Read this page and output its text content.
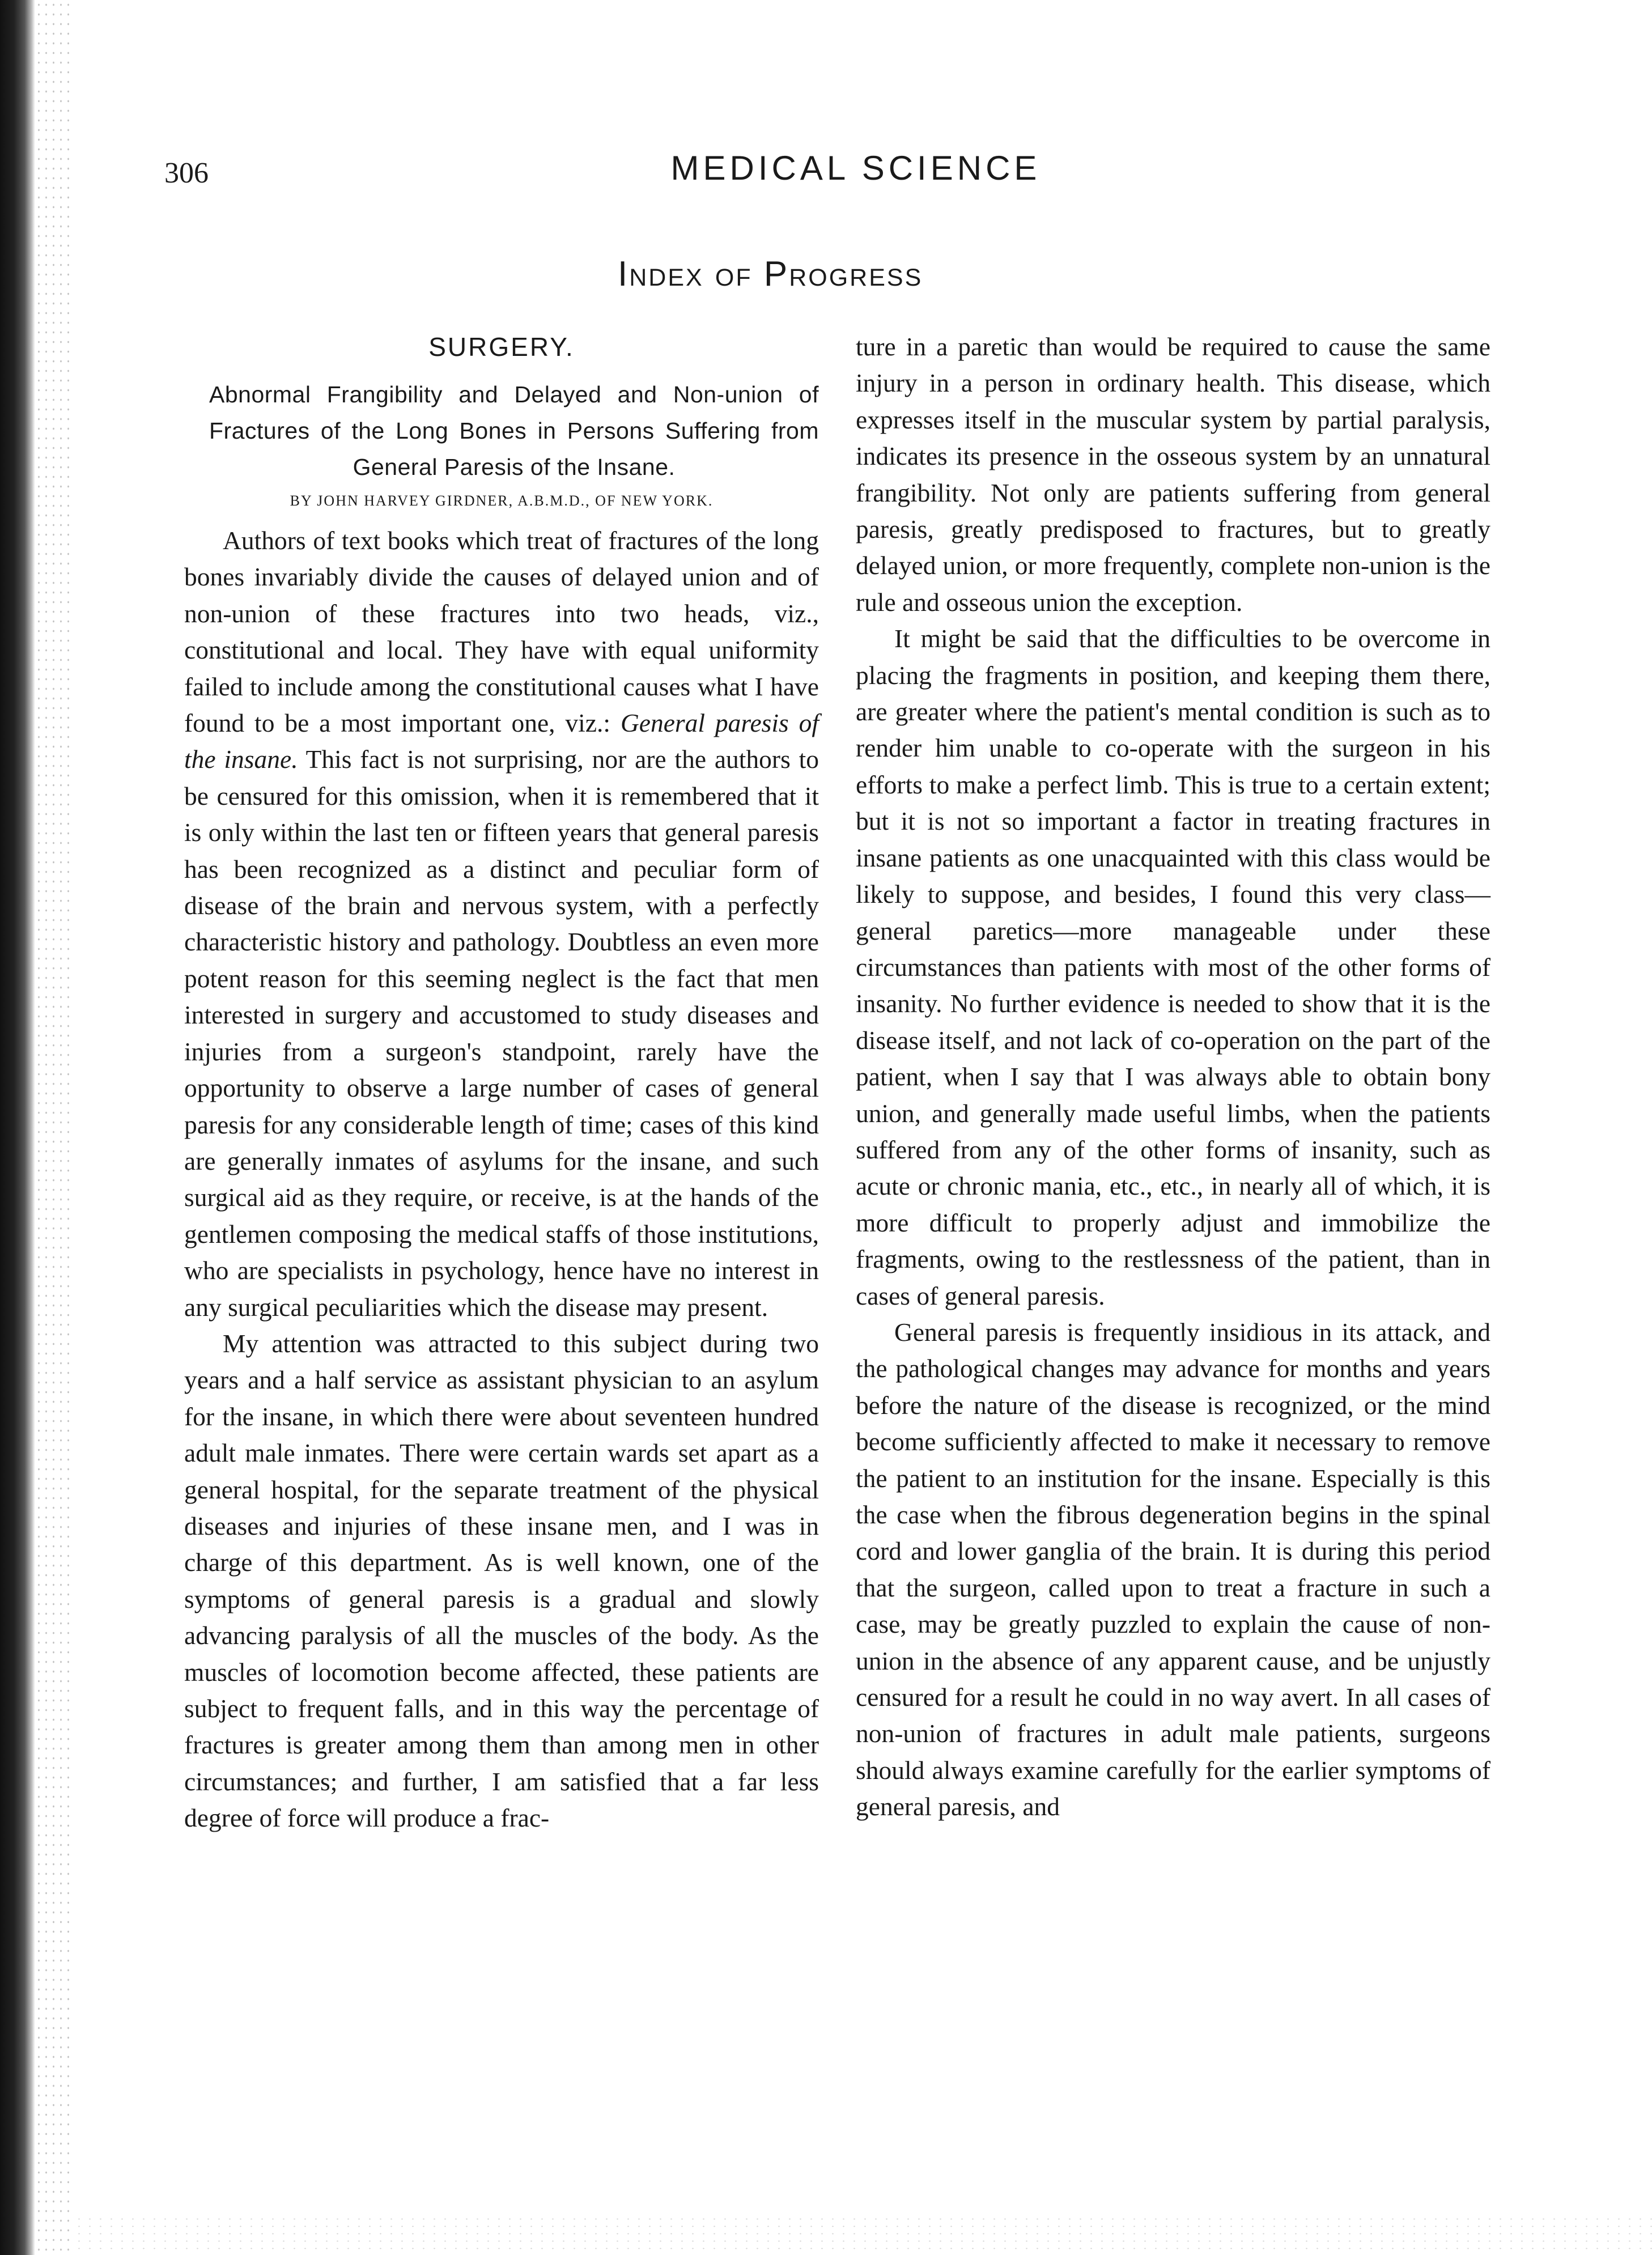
306	MEDICAL SCIENCE
Index of Progress
SURGERY.
Abnormal Frangibility and Delayed and Non-union of Fractures of the Long Bones in Persons Suffering from General Paresis of the Insane.
BY JOHN HARVEY GIRDNER, A.B.M.D., OF NEW YORK.

Authors of text books which treat of fractures of the long bones invariably divide the causes of delayed union and of non-union of these fractures into two heads, viz., constitutional and local. They have with equal uniformity failed to include among the constitutional causes what I have found to be a most important one, viz.: General paresis of the insane. This fact is not surprising, nor are the authors to be censured for this omission, when it is remembered that it is only within the last ten or fifteen years that general paresis has been recognized as a distinct and peculiar form of disease of the brain and nervous system, with a perfectly characteristic history and pathology. Doubtless an even more potent reason for this seeming neglect is the fact that men interested in surgery and accustomed to study diseases and injuries from a surgeon's standpoint, rarely have the opportunity to observe a large number of cases of general paresis for any considerable length of time; cases of this kind are generally inmates of asylums for the insane, and such surgical aid as they require, or receive, is at the hands of the gentlemen composing the medical staffs of those institutions, who are specialists in psychology, hence have no interest in any surgical peculiarities which the disease may present.

My attention was attracted to this subject during two years and a half service as assistant physician to an asylum for the insane, in which there were about seventeen hundred adult male inmates. There were certain wards set apart as a general hospital, for the separate treatment of the physical diseases and injuries of these insane men, and I was in charge of this department. As is well known, one of the symptoms of general paresis is a gradual and slowly advancing paralysis of all the muscles of the body. As the muscles of locomotion become affected, these patients are subject to frequent falls, and in this way the percentage of fractures is greater among them than among men in other circumstances; and further, I am satisfied that a far less degree of force will produce a frac-

ture in a paretic than would be required to cause the same injury in a person in ordinary health. This disease, which expresses itself in the muscular system by partial paralysis, indicates its presence in the osseous system by an unnatural frangibility. Not only are patients suffering from general paresis, greatly predisposed to fractures, but to greatly delayed union, or more frequently, complete non-union is the rule and osseous union the exception.

It might be said that the difficulties to be overcome in placing the fragments in position, and keeping them there, are greater where the patient's mental condition is such as to render him unable to co-operate with the surgeon in his efforts to make a perfect limb. This is true to a certain extent; but it is not so important a factor in treating fractures in insane patients as one unacquainted with this class would be likely to suppose, and besides, I found this very class—general paretics—more manageable under these circumstances than patients with most of the other forms of insanity. No further evidence is needed to show that it is the disease itself, and not lack of co-operation on the part of the patient, when I say that I was always able to obtain bony union, and generally made useful limbs, when the patients suffered from any of the other forms of insanity, such as acute or chronic mania, etc., etc., in nearly all of which, it is more difficult to properly adjust and immobilize the fragments, owing to the restlessness of the patient, than in cases of general paresis.

General paresis is frequently insidious in its attack, and the pathological changes may advance for months and years before the nature of the disease is recognized, or the mind become sufficiently affected to make it necessary to remove the patient to an institution for the insane. Especially is this the case when the fibrous degeneration begins in the spinal cord and lower ganglia of the brain. It is during this period that the surgeon, called upon to treat a fracture in such a case, may be greatly puzzled to explain the cause of non-union in the absence of any apparent cause, and be unjustly censured for a result he could in no way avert. In all cases of non-union of fractures in adult male patients, surgeons should always examine carefully for the earlier symptoms of general paresis, and
